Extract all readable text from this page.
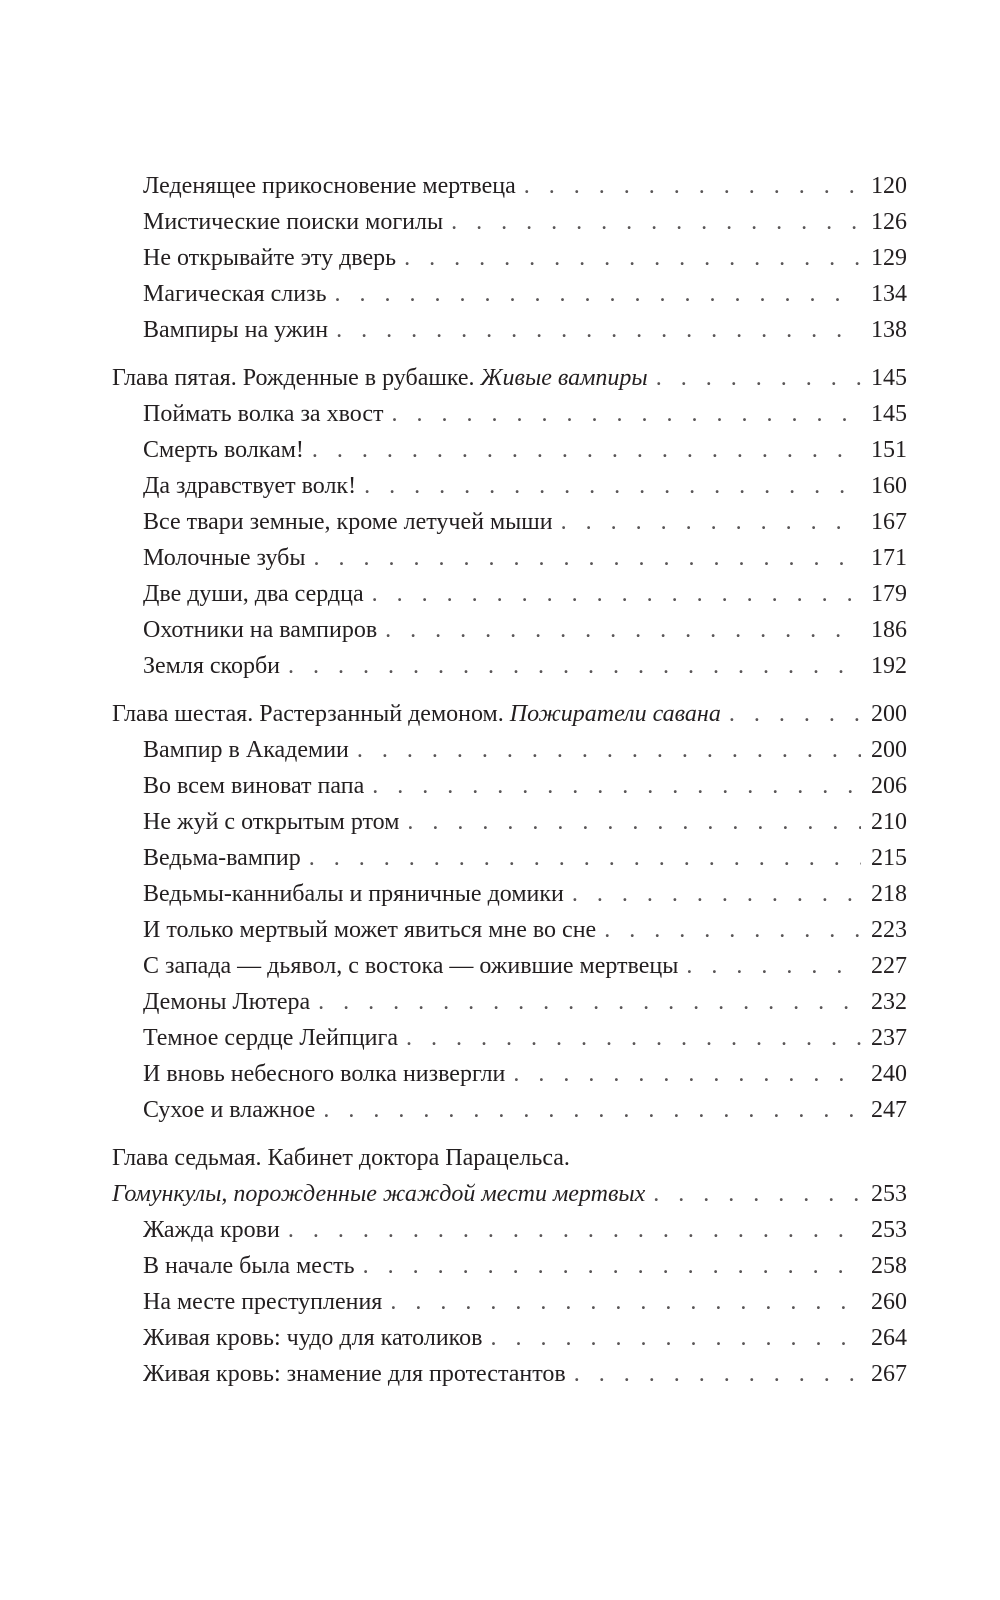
Леденящее прикосновение мертвеца . . .	120
Мистические поиски могилы . . .	126
Не открывайте эту дверь . . .	129
Магическая слизь . . .	134
Вампиры на ужин . . .	138
Глава пятая. Рожденные в рубашке. Живые вампиры . . .	145
Поймать волка за хвост . . .	145
Смерть волкам! . . .	151
Да здравствует волк! . . .	160
Все твари земные, кроме летучей мыши . . .	167
Молочные зубы . . .	171
Две души, два сердца . . .	179
Охотники на вампиров . . .	186
Земля скорби . . .	192
Глава шестая. Растерзанный демоном. Пожиратели савана . . .	200
Вампир в Академии . . .	200
Во всем виноват папа . . .	206
Не жуй с открытым ртом . . .	210
Ведьма-вампир . . .	215
Ведьмы-каннибалы и пряничные домики . . .	218
И только мертвый может явиться мне во сне . . .	223
С запада — дьявол, с востока — ожившие мертвецы . . .	227
Демоны Лютера . . .	232
Темное сердце Лейпцига . . .	237
И вновь небесного волка низвергли . . .	240
Сухое и влажное . . .	247
Глава седьмая. Кабинет доктора Парацельса.
Гомункулы, порожденные жаждой мести мертвых . . .	253
Жажда крови . . .	253
В начале была месть . . .	258
На месте преступления . . .	260
Живая кровь: чудо для католиков . . .	264
Живая кровь: знамение для протестантов . . .	267
